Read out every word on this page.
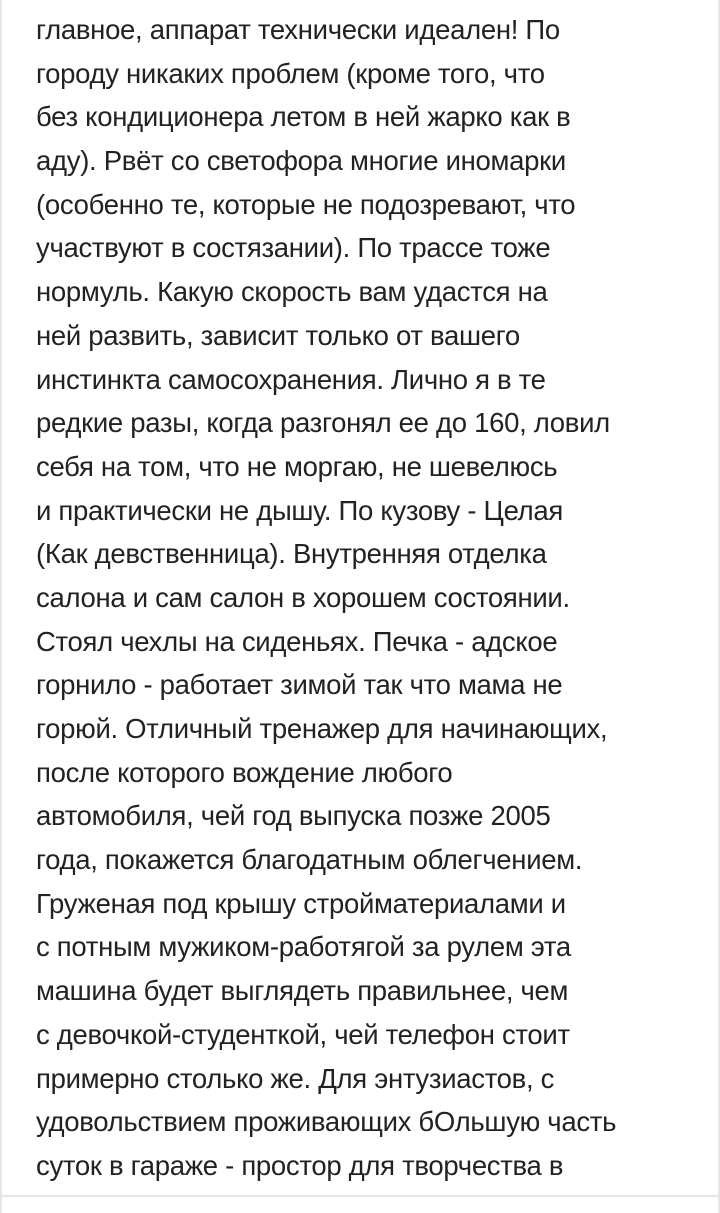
главное, аппарат технически идеален! По
городу никаких проблем (кроме того, что
без кондиционера летом в ней жарко как в
аду). Рвёт со светофора многие иномарки
(особенно те, которые не подозревают, что
участвуют в состязании). По трассе тоже
нормуль. Какую скорость вам удастся на
ней развить, зависит только от вашего
инстинкта самосохранения. Лично я в те
редкие разы, когда разгонял ее до 160, ловил
себя на том, что не моргаю, не шевелюсь
и практически не дышу. По кузову - Целая
(Как девственница). Внутренняя отделка
салона и сам салон в хорошем состоянии.
Стоял чехлы на сиденьях. Печка - адское
горнило - работает зимой так что мама не
горюй. Отличный тренажер для начинающих,
после которого вождение любого
автомобиля, чей год выпуска позже 2005
года, покажется благодатным облегчением.
Груженая под крышу стройматериалами и
с потным мужиком-работягой за рулем эта
машина будет выглядеть правильнее, чем
с девочкой-студенткой, чей телефон стоит
примерно столько же. Для энтузиастов, с
удовольствием проживающих бОльшую часть
суток в гараже - простор для творчества в
